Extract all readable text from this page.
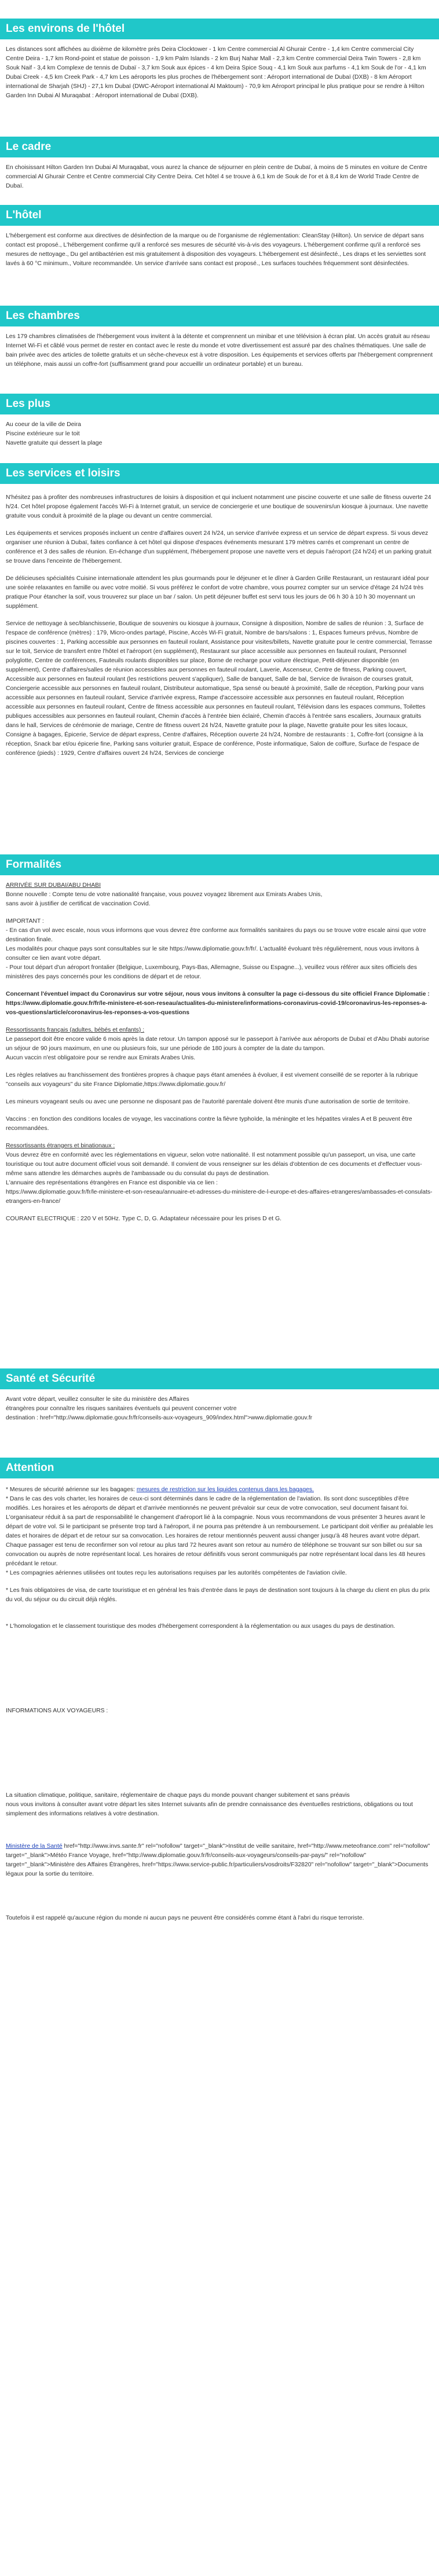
Les environs de l'hôtel

Les distances sont affichées au dixième de kilomètre près Deira Clocktower - 1 km Centre commercial Al Ghurair Centre - 1,4 km Centre commercial City Centre Deira - 1,7 km Rond-point et statue de poisson - 1,9 km Palm Islands - 2 km Burj Nahar Mall - 2,3 km Centre commercial Deira Twin Towers - 2,8 km Souk Naif - 3,4 km Complexe de tennis de Dubaï - 3,7 km Souk aux épices - 4 km Deira Spice Souq - 4,1 km Souk aux parfums - 4,1 km Souk de l'or - 4,1 km Dubai Creek - 4,5 km Creek Park - 4,7 km Les aéroports les plus proches de l'hébergement sont : Aéroport international de Dubaï (DXB) - 8 km Aéroport international de Sharjah (SHJ) - 27,1 km Dubaï (DWC-Aéroport international Al Maktoum) - 70,9 km Aéroport principal le plus pratique pour se rendre à Hilton Garden Inn Dubai Al Muraqabat : Aéroport international de Dubaï (DXB).

Le cadre

En choisissant Hilton Garden Inn Dubai Al Muraqabat, vous aurez la chance de séjourner en plein centre de Dubaï, à moins de 5 minutes en voiture de Centre commercial Al Ghurair Centre et Centre commercial City Centre Deira. Cet hôtel 4 se trouve à 6,1 km de Souk de l'or et à 8,4 km de World Trade Centre de Dubaï.

L'hôtel

L'hébergement est conforme aux directives de désinfection de la marque ou de l'organisme de réglementation: CleanStay (Hilton). Un service de départ sans contact est proposé., L'hébergement confirme qu'il a renforcé ses mesures de sécurité vis-à-vis des voyageurs. L'hébergement confirme qu'il a renforcé ses mesures de nettoyage., Du gel antibactérien est mis gratuitement à disposition des voyageurs. L'hébergement est désinfecté., Les draps et les serviettes sont lavés à 60 °C minimum., Voiture recommandée. Un service d'arrivée sans contact est proposé., Les surfaces touchées fréquemment sont désinfectées.

Les chambres

Les 179 chambres climatisées de l'hébergement vous invitent à la détente et comprennent un minibar et une télévision à écran plat. Un accès gratuit au réseau Internet Wi-Fi et câblé vous permet de rester en contact avec le reste du monde et votre divertissement est assuré par des chaînes thématiques. Une salle de bain privée avec des articles de toilette gratuits et un sèche-cheveux est à votre disposition. Les équipements et services offerts par l'hébergement comprennent un téléphone, mais aussi un coffre-fort (suffisamment grand pour accueillir un ordinateur portable) et un bureau.

Les plus
Au coeur de la ville de Deira
Piscine extérieure sur le toit
Navette gratuite qui dessert la plage
Les services et loisirs

N'hésitez pas à profiter des nombreuses infrastructures de loisirs à disposition et qui incluent notamment une piscine couverte et une salle de fitness ouverte 24 h/24. Cet hôtel propose également l'accès Wi-Fi à Internet gratuit, un service de conciergerie et une boutique de souvenirs/un kiosque à journaux. Une navette gratuite vous conduit à proximité de la plage ou devant un centre commercial.

Les équipements et services proposés incluent un centre d'affaires ouvert 24 h/24, un service d'arrivée express et un service de départ express. Si vous devez organiser une réunion à Dubaï, faites confiance à cet hôtel qui dispose d'espaces événements mesurant 179 mètres carrés et comprenant un centre de conférence et 3 des salles de réunion. En-échange d'un supplément, l'hébergement propose une navette vers et depuis l'aéroport (24 h/24) et un parking gratuit se trouve dans l'enceinte de l'hébergement.

De délicieuses spécialités Cuisine internationale attendent les plus gourmands pour le déjeuner et le dîner à Garden Grille Restaurant, un restaurant idéal pour une soirée relaxantes en famille ou avec votre moitié. Si vous préférez le confort de votre chambre, vous pourrez compter sur un service d'étage 24 h/24 très pratique Pour étancher la soif, vous trouverez sur place un bar / salon. Un petit déjeuner buffet est servi tous les jours de 06 h 30 à 10 h 30 moyennant un supplément.

Service de nettoyage à sec/blanchisserie, Boutique de souvenirs ou kiosque à journaux, Consigne à disposition, Nombre de salles de réunion : 3, Surface de l'espace de conférence (mètres) : 179, Micro-ondes partagé, Piscine, Accès Wi-Fi gratuit, Nombre de bars/salons : 1, Espaces fumeurs prévus, Nombre de piscines couvertes : 1, Parking accessible aux personnes en fauteuil roulant, Assistance pour visites/billets, Navette gratuite pour le centre commercial, Terrasse sur le toit, Service de transfert entre l'hôtel et l'aéroport (en supplément), Restaurant sur place accessible aux personnes en fauteuil roulant, Personnel polyglotte, Centre de conférences, Fauteuils roulants disponibles sur place, Borne de recharge pour voiture électrique, Petit-déjeuner disponible (en supplément), Centre d'affaires/salles de réunion accessibles aux personnes en fauteuil roulant, Laverie, Ascenseur, Centre de fitness, Parking couvert, Accessible aux personnes en fauteuil roulant (les restrictions peuvent s'appliquer), Salle de banquet, Salle de bal, Service de livraison de courses gratuit, Conciergerie accessible aux personnes en fauteuil roulant, Distributeur automatique, Spa sensé ou beauté à proximité, Salle de réception, Parking pour vans accessible aux personnes en fauteuil roulant, Service d'arrivée express, Rampe d'accessoire accessible aux personnes en fauteuil roulant, Réception accessible aux personnes en fauteuil roulant, Centre de fitness accessible aux personnes en fauteuil roulant, Télévision dans les espaces communs, Toilettes publiques accessibles aux personnes en fauteuil roulant, Chemin d'accès à l'entrée bien éclairé, Chemin d'accès à l'entrée sans escaliers, Journaux gratuits dans le hall, Services de cérémonie de mariage, Centre de fitness ouvert 24 h/24, Navette gratuite pour la plage, Navette gratuite pour les sites locaux, Consigne à bagages, Épicerie, Service de départ express, Centre d'affaires, Réception ouverte 24 h/24, Nombre de restaurants : 1, Coffre-fort (consigne à la réception, Snack bar et/ou épicerie fine, Parking sans voiturier gratuit, Espace de conférence, Poste informatique, Salon de coiffure, Surface de l'espace de conférence (pieds) : 1929, Centre d'affaires ouvert 24 h/24, Services de concierge

Formalités
ARRIVÉE SUR DUBAI/ABU DHABI
Bonne nouvelle : Compte tenu de votre nationalité française, vous pouvez voyagez librement aux Emirats Arabes Unis,

sans avoir à justifier de certificat de vaccination Covid.

IMPORTANT :
- En cas d'un vol avec escale, nous vous informons que vous devrez être conforme aux formalités sanitaires du pays ou se trouve votre escale ainsi que votre destination finale.
Les modalités pour chaque pays sont consultables sur le site https://www.diplomatie.gouv.fr/fr/. L'actualité évoluant très régulièrement, nous vous invitons à consulter ce lien avant votre départ.

- Pour tout départ d'un aéroport frontalier (Belgique, Luxembourg, Pays-Bas, Allemagne, Suisse ou Espagne...), veuillez vous référer aux sites officiels des ministères des pays concernés pour les conditions de départ et de retour.

Concernant l'éventuel impact du Coronavirus sur votre séjour, nous vous invitons à consulter la page ci-dessous du site officiel France Diplomatie :

https://www.diplomatie.gouv.fr/fr/le-ministere-et-son-reseau/actualites-du-ministere/informations-coronavirus-covid-19/coronavirus-les-reponses-a-vos-questions/article/coronavirus-les-reponses-a-vos-questions

Ressortissants français (adultes, bébés et enfants) :
Le passeport doit être encore valide 6 mois après la date retour. Un tampon apposé sur le passeport à l'arrivée aux aéroports de Dubaï et d'Abu Dhabi autorise un séjour de 90 jours maximum, en une ou plusieurs fois, sur une période de 180 jours à compter de la date du tampon.

Aucun vaccin n'est obligatoire pour se rendre aux Emirats Arabes Unis.

Les règles relatives au franchissement des frontières propres à chaque pays étant amenées à évoluer, il est vivement conseillé de se reporter à la rubrique "conseils aux voyageurs" du site France Diplomatie,https://www.diplomatie.gouv.fr/

Les mineurs voyageant seuls ou avec une personne ne disposant pas de l'autorité parentale doivent être munis d'une autorisation de sortie de territoire.

Vaccins : en fonction des conditions locales de voyage, les vaccinations contre la fièvre typhoïde, la méningite et les hépatites virales A et B peuvent être recommandées.

Ressortissants étrangers et binationaux :
Vous devrez être en conformité avec les réglementations en vigueur, selon votre nationalité. Il est notamment possible qu'un passeport, un visa, une carte touristique ou tout autre document officiel vous soit demandé. Il convient de vous renseigner sur les délais d'obtention de ces documents et d'effectuer vous-même sans attendre les démarches auprès de l'ambassade ou du consulat du pays de destination.
L'annuaire des représentations étrangères en France est disponible via ce lien :

https://www.diplomatie.gouv.fr/fr/le-ministere-et-son-reseau/annuaire-et-adresses-du-ministere-de-l-europe-et-des-affaires-etrangeres/ambassades-et-consulats-etrangers-en-france/

COURANT ELECTRIQUE : 220 V et 50Hz. Type C, D, G. Adaptateur nécessaire pour les prises D et G.

Santé et Sécurité
Avant votre départ, veuillez consulter le site du ministère des Affaires
étrangères pour connaître les risques sanitaires éventuels qui peuvent concerner votre
destination : href="http://www.diplomatie.gouv.fr/fr/conseils-aux-voyageurs_909/index.html">www.diplomatie.gouv.fr
Attention
* Mesures de sécurité aérienne sur les bagages: mesures de restriction sur les liquides contenus dans les bagages.
* Dans le cas des vols charter, les horaires de ceux-ci sont déterminés dans le cadre de la réglementation de l'aviation. Ils sont donc susceptibles d'être modifiés. Les horaires et les aéroports de départ et d'arrivée mentionnés ne peuvent prévaloir sur ceux de votre convocation, seul document faisant foi. L'organisateur réduit à sa part de responsabilité le changement d'aéroport lié à la compagnie. Nous vous recommandons de vous présenter 3 heures avant le départ de votre vol. Si le participant se présente trop tard à l'aéroport, il ne pourra pas prétendre à un remboursement. Le participant doit vérifier au préalable les dates et horaires de départ et de retour sur sa convocation. Les horaires de retour mentionnés peuvent aussi changer jusqu'à 48 heures avant votre départ. Chaque passager est tenu de reconfirmer son vol retour au plus tard 72 heures avant son retour au numéro de téléphone se trouvant sur son billet ou sur sa convocation ou auprès de notre représentant local. Les horaires de retour définitifs vous seront communiqués par notre représentant local dans les 48 heures précédant le retour.

* Les compagnies aériennes utilisées ont toutes reçu les autorisations requises par les autorités compétentes de l'aviation civile.

* Les frais obligatoires de visa, de carte touristique et en général les frais d'entrée dans le pays de destination sont toujours à la charge du client en plus du prix du vol, du séjour ou du circuit déjà réglés.

* L'homologation et le classement touristique des modes d'hébergement correspondent à la réglementation ou aux usages du pays de destination.

INFORMATIONS AUX VOYAGEURS :

La situation climatique, politique, sanitaire, réglementaire de chaque pays du monde pouvant changer subitement et sans préavis

nous vous invitons à consulter avant votre départ les sites Internet suivants afin de prendre connaissance des éventuelles restrictions, obligations ou tout simplement des informations relatives à votre destination.

Ministère de la Santé href="http://www.invs.sante.fr" rel="nofollow" target="_blank">Institut de veille sanitaire, href="http://www.meteofrance.com" rel="nofollow" target="_blank">Météo France Voyage, href="http://www.diplomatie.gouv.fr/fr/conseils-aux-voyageurs/conseils-par-pays/" rel="nofollow" target="_blank">Ministère des Affaires Étrangères, href="https://www.service-public.fr/particuliers/vosdroits/F32820" rel="nofollow" target="_blank">Documents légaux pour la sortie du territoire.

Toutefois il est rappelé qu'aucune région du monde ni aucun pays ne peuvent être considérés comme étant à l'abri du risque terroriste.
